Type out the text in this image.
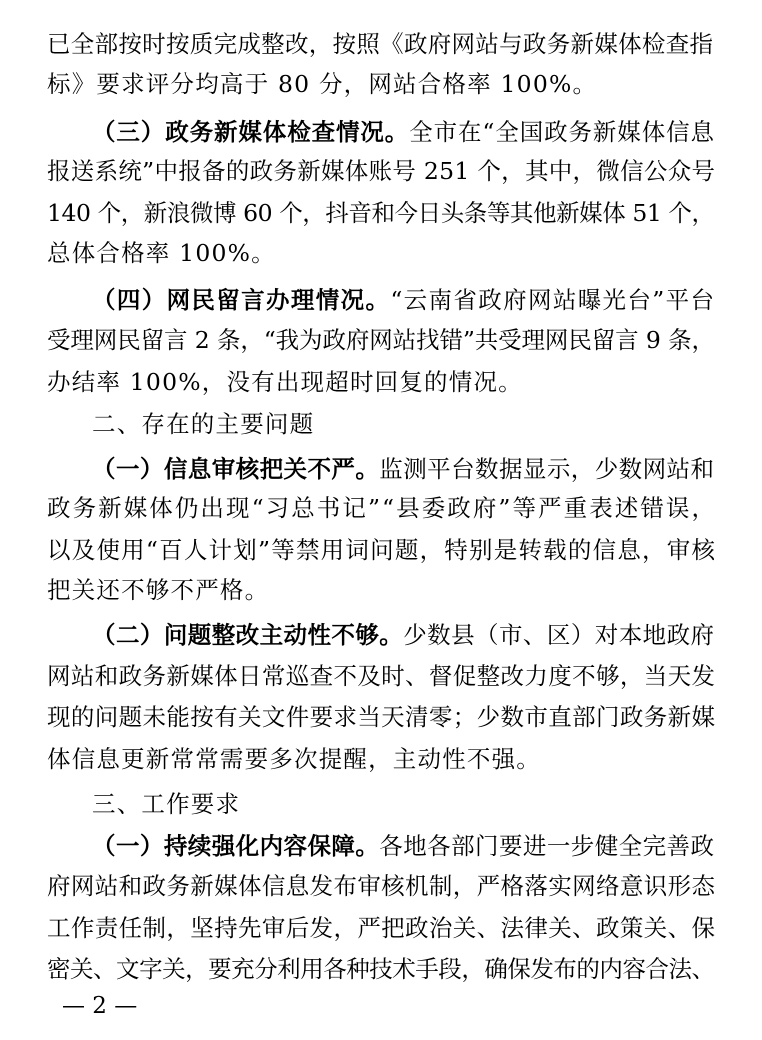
已全部按时按质完成整改，按照《政府网站与政务新媒体检查指
标》要求评分均高于 80 分，网站合格率 100%。
（三）政务新媒体检查情况。全市在“全国政务新媒体信息
报送系统”中报备的政务新媒体账号 251 个，其中，微信公众号
140 个，新浪微博 60 个，抖音和今日头条等其他新媒体 51 个，
总体合格率 100%。
（四）网民留言办理情况。“云南省政府网站曝光台”平台
受理网民留言 2 条，“我为政府网站找错”共受理网民留言 9 条，
办结率 100%，没有出现超时回复的情况。
二、存在的主要问题
（一）信息审核把关不严。监测平台数据显示，少数网站和
政务新媒体仍出现“习总书记”“县委政府”等严重表述错误，
以及使用“百人计划”等禁用词问题，特别是转载的信息，审核
把关还不够不严格。
（二）问题整改主动性不够。少数县（市、区）对本地政府
网站和政务新媒体日常巡查不及时、督促整改力度不够，当天发
现的问题未能按有关文件要求当天清零；少数市直部门政务新媒
体信息更新常常需要多次提醒，主动性不强。
三、工作要求
（一）持续强化内容保障。各地各部门要进一步健全完善政
府网站和政务新媒体信息发布审核机制，严格落实网络意识形态
工作责任制，坚持先审后发，严把政治关、法律关、政策关、保
密关、文字关，要充分利用各种技术手段，确保发布的内容合法、
— 2 —
